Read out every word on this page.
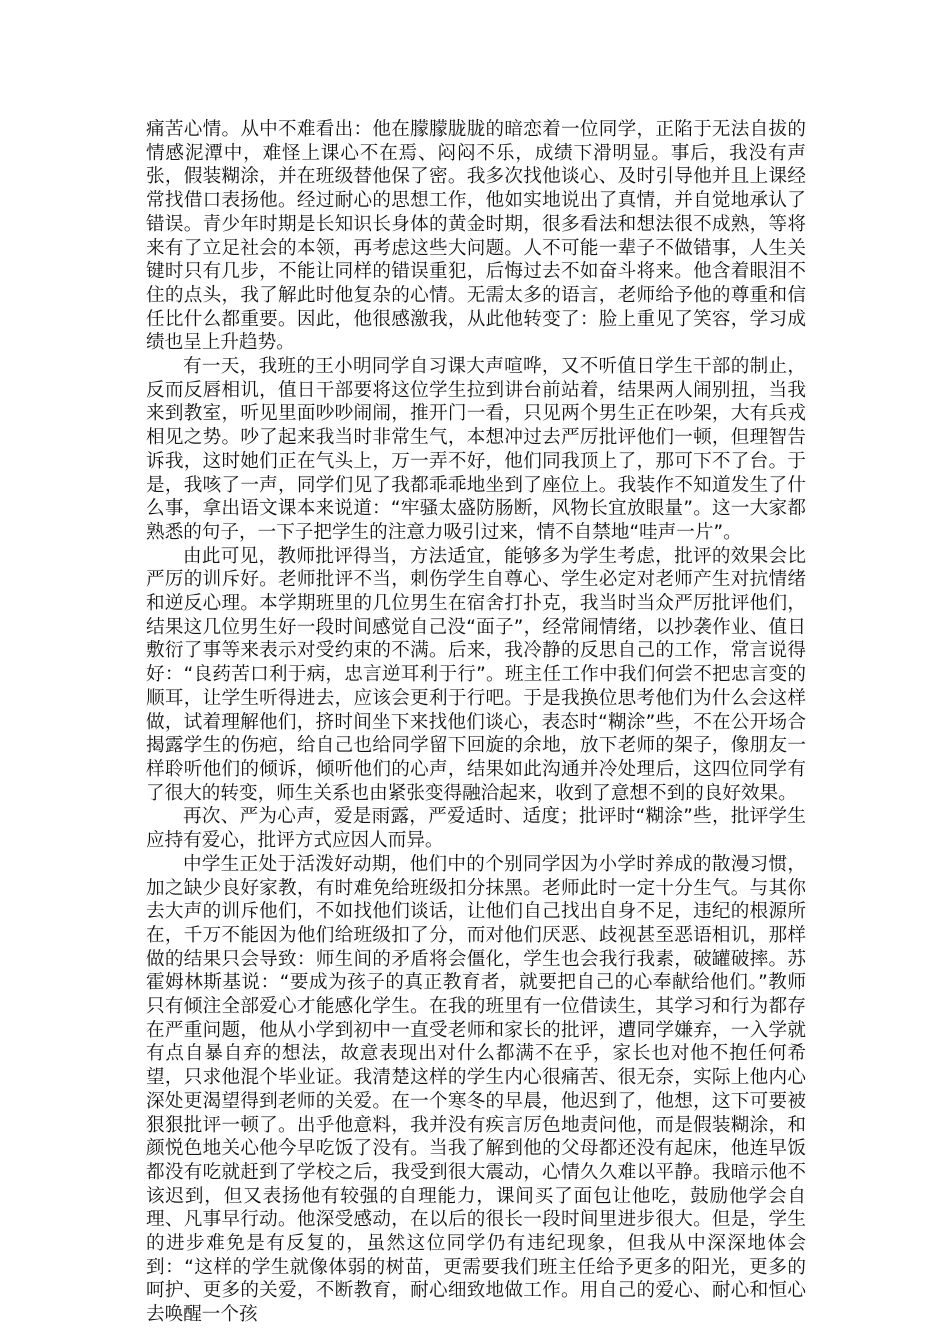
痛苦心情。从中不难看出：他在朦朦胧胧的暗恋着一位同学，正陷于无法自拔的情感泥潭中，难怪上课心不在焉、闷闷不乐，成绩下滑明显。事后，我没有声张，假装糊涂，并在班级替他保了密。我多次找他谈心、及时引导他并且上课经常找借口表扬他。经过耐心的思想工作，他如实地说出了真情，并自觉地承认了错误。青少年时期是长知识长身体的黄金时期，很多看法和想法很不成熟，等将来有了立足社会的本领，再考虑这些大问题。人不可能一辈子不做错事，人生关键时只有几步，不能让同样的错误重犯，后悔过去不如奋斗将来。他含着眼泪不住的点头，我了解此时他复杂的心情。无需太多的语言，老师给予他的尊重和信任比什么都重要。因此，他很感激我，从此他转变了：脸上重见了笑容，学习成绩也呈上升趋势。

有一天，我班的王小明同学自习课大声喧哗，又不听值日学生干部的制止，反而反唇相讥，值日干部要将这位学生拉到讲台前站着，结果两人闹别扭，当我来到教室，听见里面吵吵闹闹，推开门一看，只见两个男生正在吵架，大有兵戎相见之势。吵了起来我当时非常生气，本想冲过去严厉批评他们一顿，但理智告诉我，这时她们正在气头上，万一弄不好，他们同我顶上了，那可下不了台。于是，我咳了一声，同学们见了我都乖乖地坐到了座位上。我装作不知道发生了什么事，拿出语文课本来说道：“牢骚太盛防肠断，风物长宜放眼量”。这一大家都熟悉的句子，一下子把学生的注意力吸引过来，情不自禁地“哇声一片”。

由此可见，教师批评得当，方法适宜，能够多为学生考虑，批评的效果会比严厉的训斥好。老师批评不当，刺伤学生自尊心、学生必定对老师产生对抗情绪和逆反心理。本学期班里的几位男生在宿舍打扑克，我当时当众严厉批评他们，结果这几位男生好一段时间感觉自己没“面子”，经常闹情绪，以抄袭作业、值日敷衍了事等来表示对受约束的不满。后来，我冷静的反思自己的工作，常言说得好：“良药苦口利于病，忠言逆耳利于行”。班主任工作中我们何尝不把忠言变的顺耳，让学生听得进去，应该会更利于行吧。于是我换位思考他们为什么会这样做，试着理解他们，挤时间坐下来找他们谈心，表态时“糊涂”些，不在公开场合揭露学生的伤疤，给自己也给同学留下回旋的余地，放下老师的架子，像朋友一样聆听他们的倾诉，倾听他们的心声，结果如此沟通并冷处理后，这四位同学有了很大的转变，师生关系也由紧张变得融洽起来，收到了意想不到的良好效果。

再次、严为心声，爱是雨露，严爱适时、适度；批评时“糊涂”些，批评学生应持有爱心，批评方式应因人而异。

中学生正处于活泼好动期，他们中的个别同学因为小学时养成的散漫习惯，加之缺少良好家教，有时难免给班级扣分抹黑。老师此时一定十分生气。与其你去大声的训斥他们，不如找他们谈话，让他们自己找出自身不足，违纪的根源所在，千万不能因为他们给班级扣了分，而对他们厌恶、歧视甚至恶语相讥，那样做的结果只会导致：师生间的矛盾将会僵化，学生也会我行我素，破罐破摔。苏霍姆林斯基说：“要成为孩子的真正教育者，就要把自己的心奉献给他们。”教师只有倾注全部爱心才能感化学生。在我的班里有一位借读生，其学习和行为都存在严重问题，他从小学到初中一直受老师和家长的批评，遭同学嫌弃，一入学就有点自暴自弃的想法，故意表现出对什么都满不在乎，家长也对他不抱任何希望，只求他混个毕业证。我清楚这样的学生内心很痛苦、很无奈，实际上他内心深处更渴望得到老师的关爱。在一个寒冬的早晨，他迟到了，他想，这下可要被狠狠批评一顿了。出乎他意料，我并没有疾言厉色地责问他，而是假装糊涂，和颜悦色地关心他今早吃饭了没有。当我了解到他的父母都还没有起床，他连早饭都没有吃就赶到了学校之后，我受到很大震动，心情久久难以平静。我暗示他不该迟到，但又表扬他有较强的自理能力，课间买了面包让他吃，鼓励他学会自理、凡事早行动。他深受感动，在以后的很长一段时间里进步很大。但是，学生的进步难免是有反复的，虽然这位同学仍有违纪现象，但我从中深深地体会到：“这样的学生就像体弱的树苗，更需要我们班主任给予更多的阳光，更多的呵护、更多的关爱，不断教育，耐心细致地做工作。用自己的爱心、耐心和恒心去唤醒一个孩
